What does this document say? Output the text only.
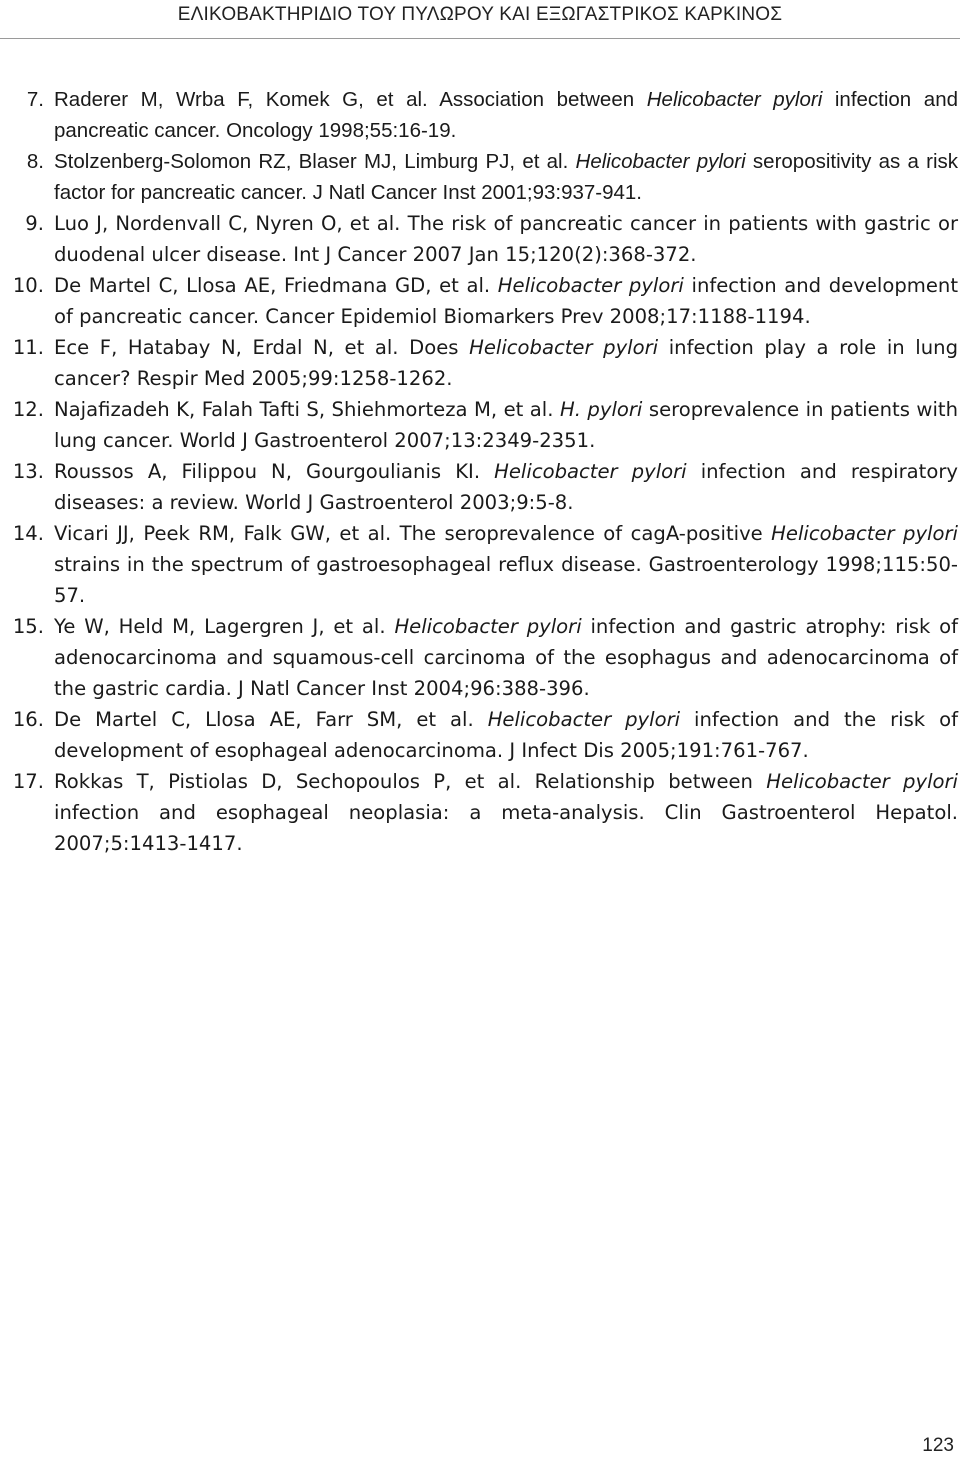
ΕΛΙΚΟΒΑΚΤΗΡΙΔΙΟ ΤΟΥ ΠΥΛΩΡΟΥ ΚΑΙ ΕΞΩΓΑΣΤΡΙΚΟΣ ΚΑΡΚΙΝΟΣ
7. Raderer M, Wrba F, Komek G, et al. Association between Helicobacter pylori infection and pancreatic cancer. Oncology 1998;55:16-19.
8. Stolzenberg-Solomon RZ, Blaser MJ, Limburg PJ, et al. Helicobacter pylori seropositivity as a risk factor for pancreatic cancer. J Natl Cancer Inst 2001;93:937-941.
9. Luo J, Nordenvall C, Nyren O, et al. The risk of pancreatic cancer in patients with gastric or duodenal ulcer disease. Int J Cancer 2007 Jan 15;120(2):368-372.
10. De Martel C, Llosa AE, Friedmana GD, et al. Helicobacter pylori infection and development of pancreatic cancer. Cancer Epidemiol Biomarkers Prev 2008;17:1188-1194.
11. Ece F, Hatabay N, Erdal N, et al. Does Helicobacter pylori infection play a role in lung cancer? Respir Med 2005;99:1258-1262.
12. Najafizadeh K, Falah Tafti S, Shiehmorteza M, et al. H. pylori seroprevalence in patients with lung cancer. World J Gastroenterol 2007;13:2349-2351.
13. Roussos A, Filippou N, Gourgoulianis KI. Helicobacter pylori infection and respiratory diseases: a review. World J Gastroenterol 2003;9:5-8.
14. Vicari JJ, Peek RM, Falk GW, et al. The seroprevalence of cagA-positive Helicobacter pylori strains in the spectrum of gastroesophageal reflux disease. Gastroenterology 1998;115:50-57.
15. Ye W, Held M, Lagergren J, et al. Helicobacter pylori infection and gastric atrophy: risk of adenocarcinoma and squamous-cell carcinoma of the esophagus and adenocarcinoma of the gastric cardia. J Natl Cancer Inst 2004;96:388-396.
16. De Martel C, Llosa AE, Farr SM, et al. Helicobacter pylori infection and the risk of development of esophageal adenocarcinoma. J Infect Dis 2005;191:761-767.
17. Rokkas T, Pistiolas D, Sechopoulos P, et al. Relationship between Helicobacter pylori infection and esophageal neoplasia: a meta-analysis. Clin Gastroenterol Hepatol. 2007;5:1413-1417.
123
